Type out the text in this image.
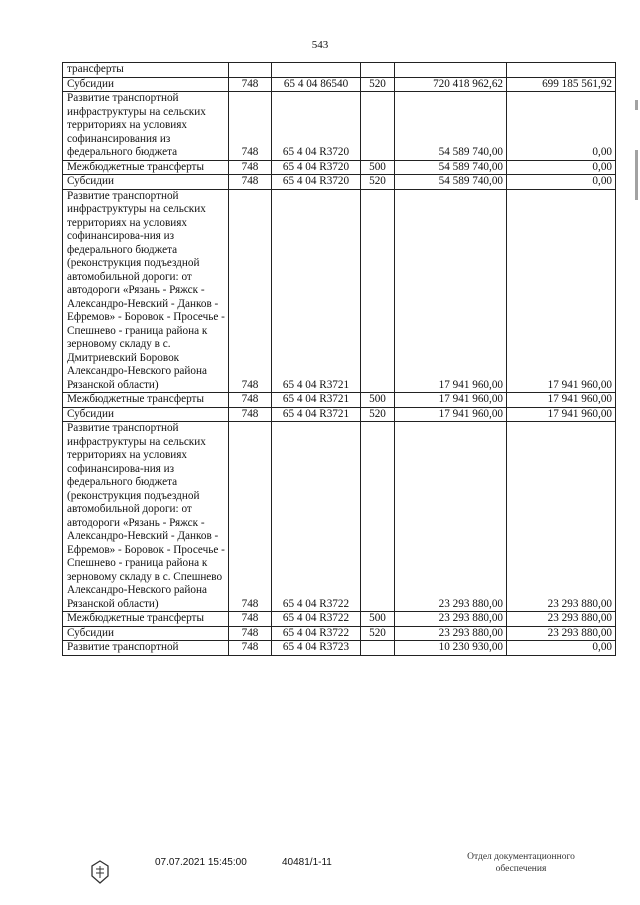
543
трансферты					
Субсидии	748	65 4 04 86540	520	720 418 962,62	699 185 561,92
Развитие транспортной инфраструктуры на сельских территориях на условиях софинансирования из федерального бюджета	748	65 4 04 R3720		54 589 740,00	0,00
Межбюджетные трансферты	748	65 4 04 R3720	500	54 589 740,00	0,00
Субсидии	748	65 4 04 R3720	520	54 589 740,00	0,00
Развитие транспортной инфраструктуры на сельских территориях на условиях софинансирова-ния из федерального бюджета (реконструкция подъездной автомобильной дороги: от автодороги «Рязань - Ряжск - Александро-Невский - Данков - Ефремов» - Боровок - Просечье - Спешнево - граница района к зерновому складу в с. Дмитриевский Боровок Александро-Невского района Рязанской области)	748	65 4 04 R3721		17 941 960,00	17 941 960,00
Межбюджетные трансферты	748	65 4 04 R3721	500	17 941 960,00	17 941 960,00
Субсидии	748	65 4 04 R3721	520	17 941 960,00	17 941 960,00
Развитие транспортной инфраструктуры на сельских территориях на условиях софинансирова-ния из федерального бюджета (реконструкция подъездной автомобильной дороги: от автодороги «Рязань - Ряжск - Александро-Невский - Данков - Ефремов» - Боровок - Просечье - Спешнево - граница района к зерновому складу в с. Спешнево Александро-Невского района Рязанской области)	748	65 4 04 R3722		23 293 880,00	23 293 880,00
Межбюджетные трансферты	748	65 4 04 R3722	500	23 293 880,00	23 293 880,00
Субсидии	748	65 4 04 R3722	520	23 293 880,00	23 293 880,00
Развитие транспортной	748	65 4 04 R3723		10 230 930,00	0,00
07.07.2021 15:45:00	40481/1-11	Отдел документационного
обеспечения
